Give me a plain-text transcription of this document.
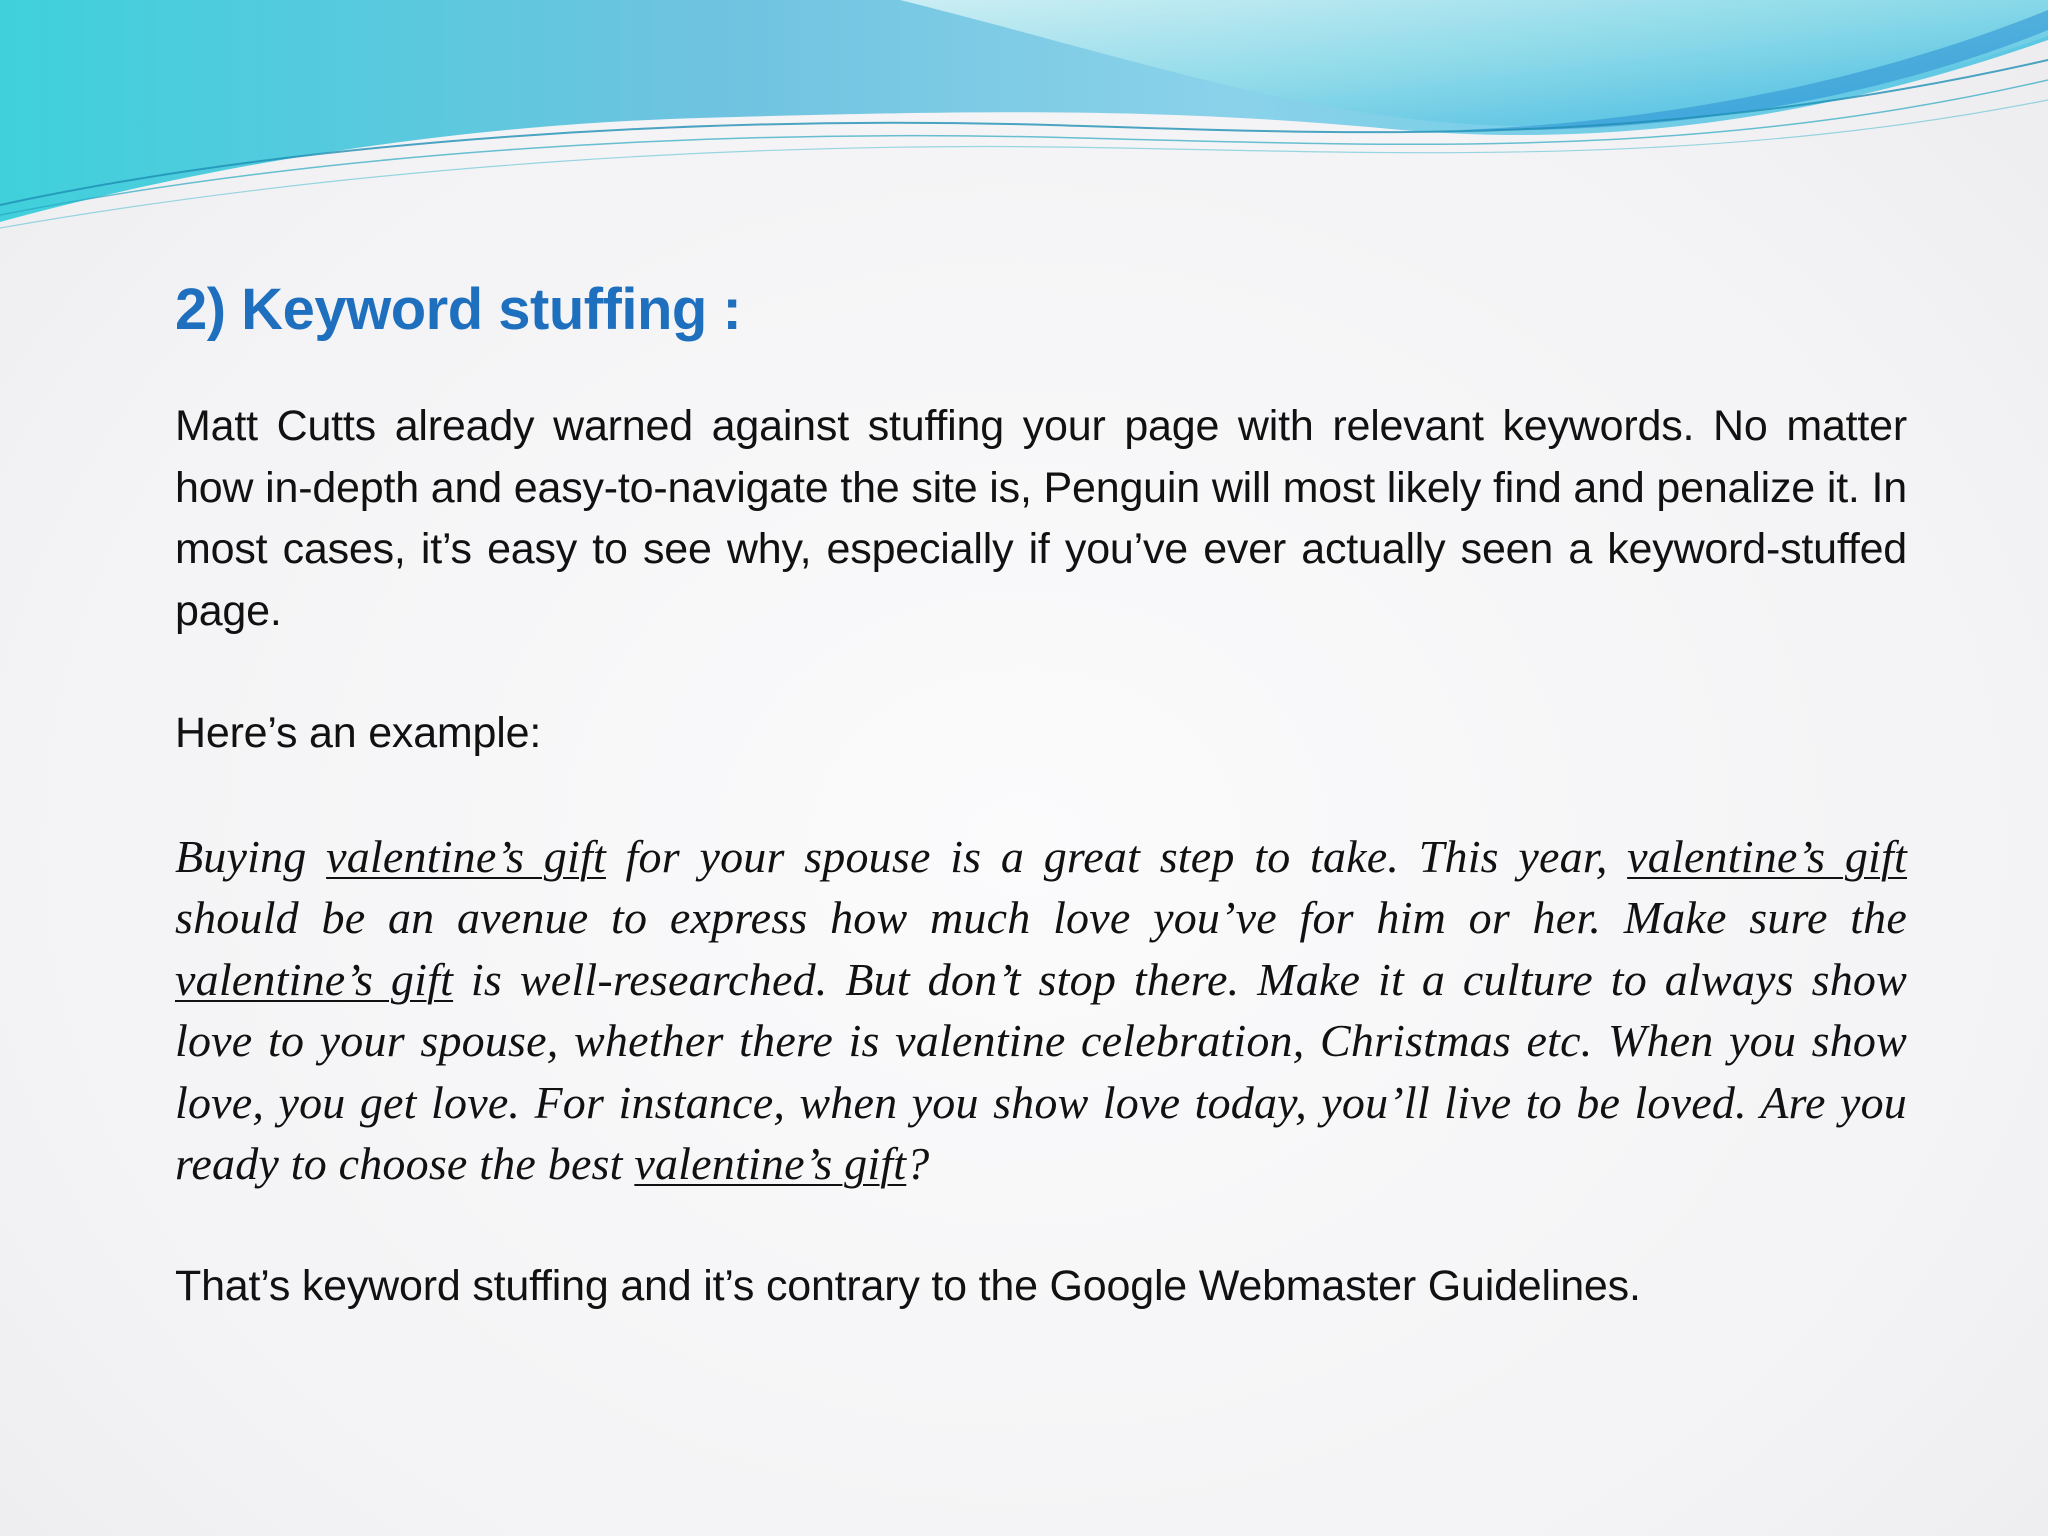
2) Keyword stuffing :

Matt Cutts already warned against stuffing your page with relevant keywords. No matter how in-depth and easy-to-navigate the site is, Penguin will most likely find and penalize it. In most cases, it’s easy to see why, especially if you’ve ever actually seen a keyword-stuffed page.

Here’s an example:

Buying valentine’s gift for your spouse is a great step to take. This year, valentine’s gift should be an avenue to express how much love you’ve for him or her. Make sure the valentine’s gift is well-researched. But don’t stop there. Make it a culture to always show love to your spouse, whether there is valentine celebration, Christmas etc. When you show love, you get love. For instance, when you show love today, you’ll live to be loved. Are you ready to choose the best valentine’s gift?

That’s keyword stuffing and it’s contrary to the Google Webmaster Guidelines.
